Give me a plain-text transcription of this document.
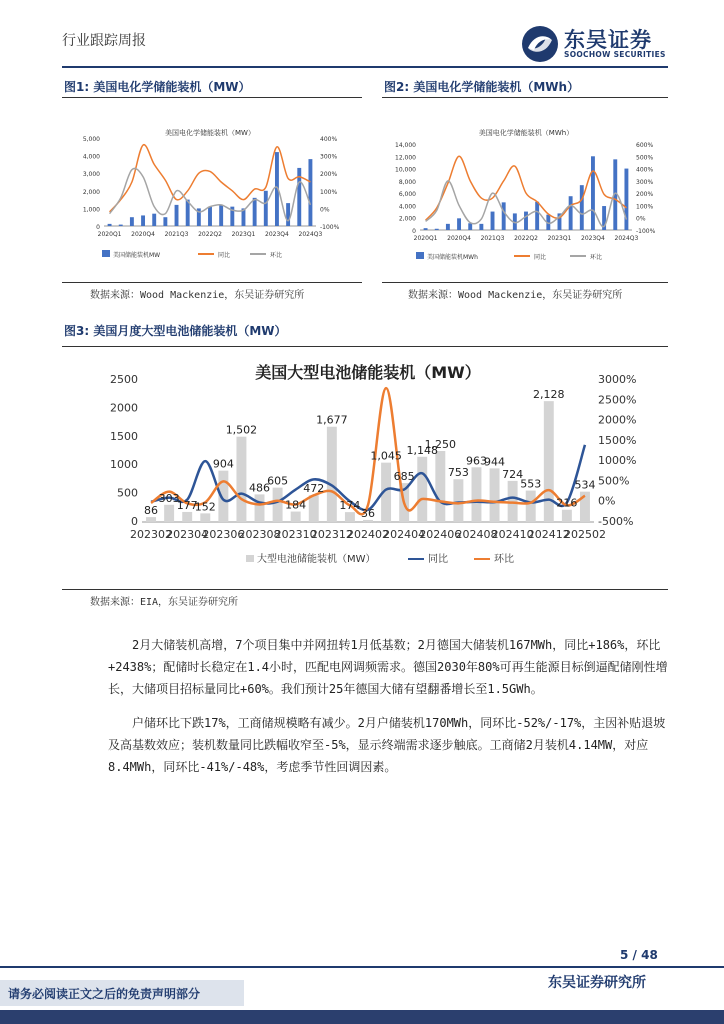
行业跟踪周报	东吴证券
SOOCHOW SECURITIES
图1: 美国电化学储能装机（MW）	图2: 美国电化学储能装机（MWh）
美国电化学储能装机（MW）
0
1,000
2,000
3,000
4,000
5,000
-100%
0%
100%
200%
300%
400%
2020Q1 2020Q4 2021Q3 2022Q2 2023Q1 2023Q4 2024Q3
美国储能装机MW	同比	环比
美国电化学储能装机（MWh）
0
2,000
4,000
6,000
8,000
10,000
12,000
14,000
-100%
0%
100%
200%
300%
400%
500%
600%
2020Q1 2020Q4 2021Q3 2022Q2 2023Q1 2023Q4 2024Q3
美国储能装机MWh	同比	环比
数据来源：Wood Mackenzie，东吴证券研究所	数据来源：Wood Mackenzie，东吴证券研究所
图3: 美国月度大型电池储能装机（MW）
美国大型电池储能装机（MW）
0
500
1000
1500
2000
2500
-500%
0%
500%
1000%
1500%
2000%
2500%
3000%
86
303
177
152
904
1,502
486
605
184
472
1,677
174
36
1,045
685
1,148
1,250
753
963
944
724
553
2,128
216
534
202302
202304
202306
202308
202310
202312
202402
202404
202406
202408
202410
202412
202502
大型电池储能装机（MW）	同比	环比
数据来源：EIA，东吴证券研究所

2月大储装机高增，7个项目集中并网扭转1月低基数；2月德国大储装机167MWh，同比+186%，环比+2438%；配储时长稳定在1.4小时，匹配电网调频需求。德国2030年80%可再生能源目标倒逼配储刚性增长，大储项目招标量同比+60%。我们预计25年德国大储有望翻番增长至1.5GWh。

户储环比下跌17%，工商储规模略有减少。2月户储装机170MWh，同环比-52%/-17%，主因补贴退坡及高基数效应；装机数量同比跌幅收窄至-5%，显示终端需求逐步触底。工商储2月装机4.14MW，对应8.4MWh，同环比-41%/-48%，考虑季节性回调因素。

5 / 48
请务必阅读正文之后的免责声明部分
东吴证券研究所
